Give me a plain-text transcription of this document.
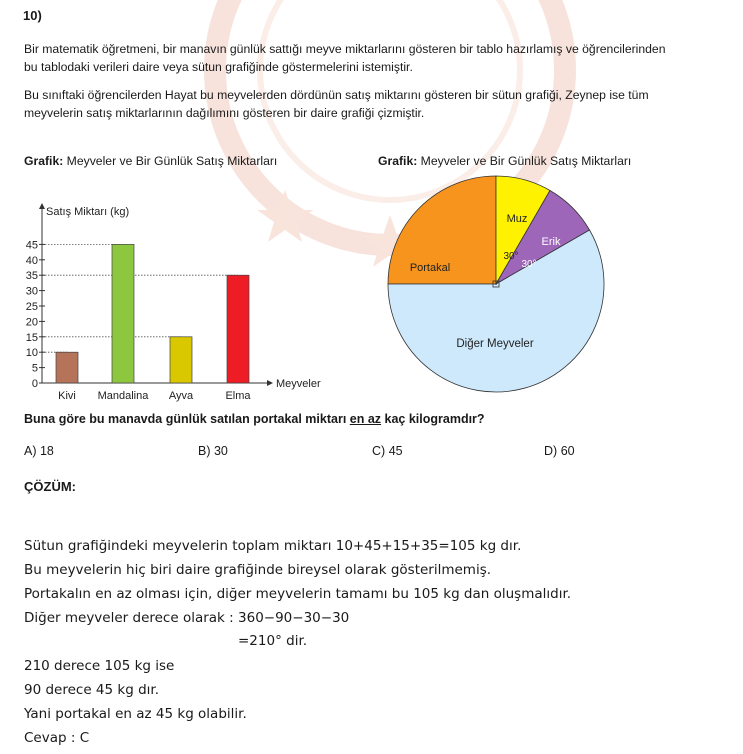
10)
Bir matematik öğretmeni, bir manavın günlük sattığı meyve miktarlarını gösteren bir tablo hazırlamış ve öğrencilerinden
bu tablodaki verileri daire veya sütun grafiğinde göstermelerini istemiştir.
Bu sınıftaki öğrencilerden Hayat bu meyvelerden dördünün satış miktarını gösteren bir sütun grafiği, Zeynep ise tüm
meyvelerin satış miktarlarının dağılımını gösteren bir daire grafiği çizmiştir.
Grafik: Meyveler ve Bir Günlük Satış Miktarları	Grafik: Meyveler ve Bir Günlük Satış Miktarları
Satış Miktarı (kg)
Meyveler
0
5
10
15
20
25
30
35
40
45
Kivi Mandalina Ayva	Elma
Portakal
Muz
Erik
Diğer Meyveler
30°
30°
Buna göre bu manavda günlük satılan portakal miktarı en az kaç kilogramdır?
A) 18	B) 30	C) 45	D) 60
ÇÖZÜM:
Sütun grafiğindeki meyvelerin toplam miktarı 10+45+15+35=105 kg dır.
Bu meyvelerin hiç biri daire grafiğinde bireysel olarak gösterilmemiş.
Portakalın en az olması için, diğer meyvelerin tamamı bu 105 kg dan oluşmalıdır.
Diğer meyveler derece olarak : 360−90−30−30
=210° dir.
210 derece 105 kg ise
90 derece 45 kg dır.
Yani portakal en az 45 kg olabilir.
Cevap : C
